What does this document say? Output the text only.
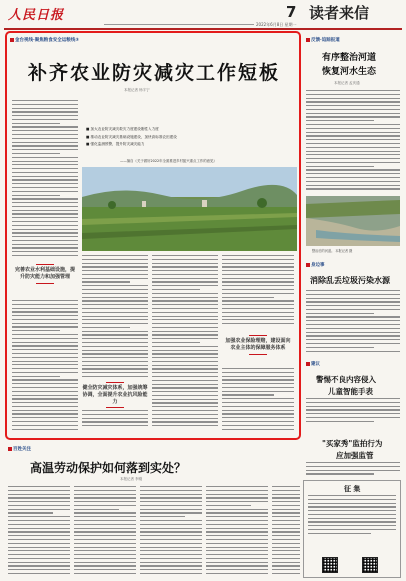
人民日报	7 读者来信
2022年6月8日 星期一
金台视线·聚焦粮食安全运粮线③
补齐农业防灾减灾工作短板
本报记者 杨宇宁
完善农业水利基础设施，提升防灾能力和加强管理

■ 加大农业防灾减灾救灾力度建设刚性入力度

■ 推动农业防灾减灾基础设施建设，加快高标准农田建设

■ 强化监测预警，提升防灾减灾能力

——摘自《关于做好2022年全面推进乡村振兴重点工作的意见》
健全防灾减灾体系，加强统筹协调，全面提升农业抗风险能力
加强农业保险理赔，建设面向农业主体的保障服务体系
反馈·追踪报道
有序整治河道
恢复河水生态
本报记者 孟庆通
整治后的河道。 本报记者 摄
身边事
消除乱丢垃圾污染水源
建议
警惕不良内容侵入
儿童智能手表
"买家秀"监拍行为
应加强监管
征 集
百姓关注
高温劳动保护如何落到实处？
本报记者 李刚
